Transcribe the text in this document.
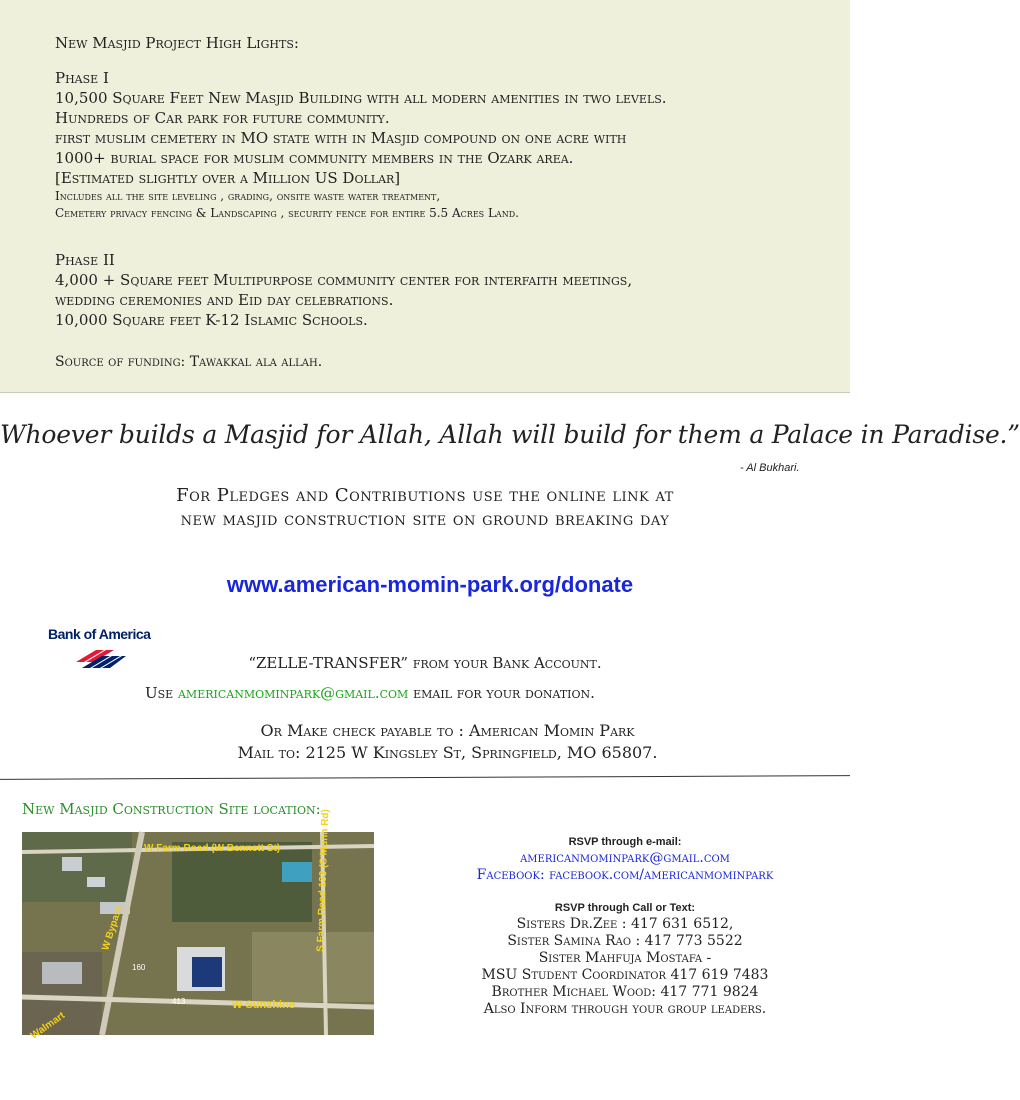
New Masjid Project High Lights:
Phase I
10,500 Square Feet New Masjid Building with all modern amenities in two levels.
Hundreds of Car park for future community.
first muslim cemetery in MO state with in Masjid compound on one acre with
1000+ burial space for muslim community members in the Ozark area.
[Estimated slightly over a Million US Dollar]
Includes all the site leveling , grading, onsite waste water treatment,
Cemetery privacy fencing & Landscaping , security fence for entire 5.5 Acres Land.
Phase II
4,000 + Square feet Multipurpose community center for interfaith meetings,
wedding ceremonies and Eid day celebrations.
10,000 Square feet K-12 Islamic Schools.
Source of funding: Tawakkal ala allah.
Whoever builds a Masjid for Allah, Allah will build for them a Palace in Paradise.”
- Al Bukhari.
For Pledges and Contributions use the online link at
new masjid construction site on ground breaking day
www.american-momin-park.org/donate
Bank of America
“ZELLE-TRANSFER” from your Bank Account.
Use americanmominpark@gmail.com email for your donation.
Or Make check payable to : American Momin Park
Mail to: 2125 W Kingsley St, Springfield, MO 65807.
New Masjid Construction Site location:
W Farm Road (W Bennett St)
W Bypass	S Farm Road 133 (S Munn Rd)
W Sunshine
Walmart
160
413
RSVP through e-mail:
americanmominpark@gmail.com
Facebook: facebook.com/americanmominpark
RSVP through Call or Text:
Sisters Dr.Zee : 417 631 6512,
Sister Samina Rao : 417 773 5522
Sister Mahfuja Mostafa -
MSU Student Coordinator 417 619 7483
Brother Michael Wood: 417 771 9824
Also Inform through your group leaders.
